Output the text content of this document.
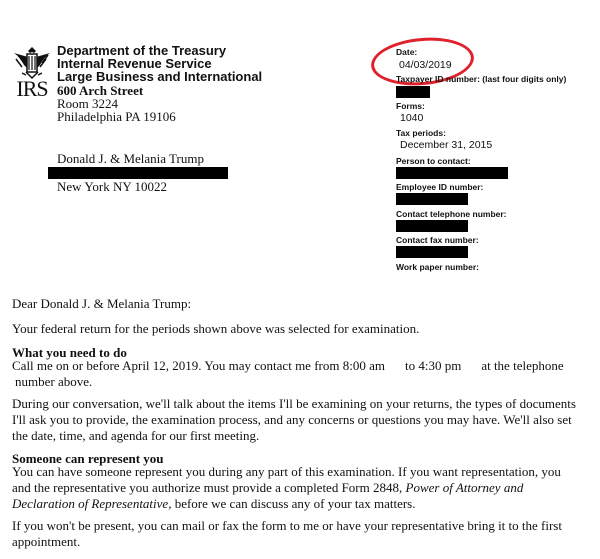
IRS
Department of the Treasury
Internal Revenue Service
Large Business and International
600 Arch Street
Room 3224
Philadelphia PA 19106
Donald J. & Melania Trump
New York NY 10022
Date:
04/03/2019
Taxpayer ID number: (last four digits only)
Forms:
1040
Tax periods:
December 31, 2015
Person to contact:
Employee ID number:
Contact telephone number:
Contact fax number:
Work paper number:
Dear Donald J. & Melania Trump:
Your federal return for the periods shown above was selected for examination.
What you need to do
Call me on or before April 12, 2019. You may contact me from 8:00 am to 4:30 pm at the telephone
number above.
During our conversation, we'll talk about the items I'll be examining on your returns, the types of documents I'll ask you to provide, the examination process, and any concerns or questions you may have. We'll also set the date, time, and agenda for our first meeting.
Someone can represent you
You can have someone represent you during any part of this examination. If you want representation, you and the representative you authorize must provide a completed Form 2848, Power of Attorney and Declaration of Representative, before we can discuss any of your tax matters.
If you won't be present, you can mail or fax the form to me or have your representative bring it to the first appointment.
